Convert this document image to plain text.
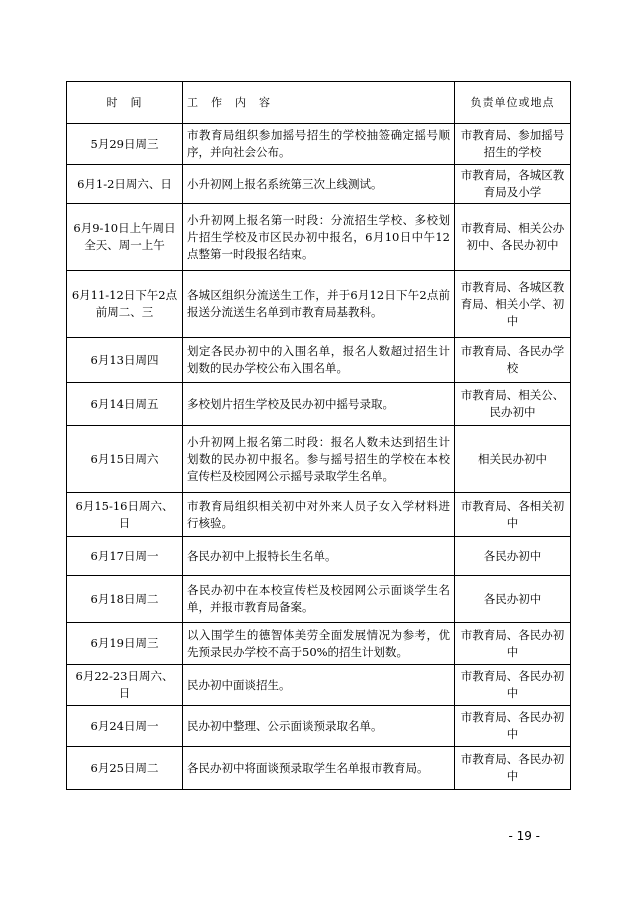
时　间	工　作　内　容	负责单位或地点
5月29日周三	市教育局组织参加摇号招生的学校抽签确定摇号顺序，并向社会公布。	市教育局、参加摇号招生的学校
6月1-2日周六、日	小升初网上报名系统第三次上线测试。	市教育局，各城区教育局及小学
6月9-10日上午周日全天、周一上午	小升初网上报名第一时段：分流招生学校、多校划片招生学校及市区民办初中报名，6月10日中午12点整第一时段报名结束。	市教育局、相关公办初中、各民办初中
6月11-12日下午2点前周二、三	各城区组织分流送生工作，并于6月12日下午2点前报送分流送生名单到市教育局基教科。	市教育局、各城区教育局、相关小学、初中
6月13日周四	划定各民办初中的入围名单，报名人数超过招生计划数的民办学校公布入围名单。	市教育局、各民办学校
6月14日周五	多校划片招生学校及民办初中摇号录取。	市教育局、相关公、民办初中
6月15日周六	小升初网上报名第二时段：报名人数未达到招生计划数的民办初中报名。参与摇号招生的学校在本校宣传栏及校园网公示摇号录取学生名单。	相关民办初中
6月15-16日周六、日	市教育局组织相关初中对外来人员子女入学材料进行核验。	市教育局、各相关初中
6月17日周一	各民办初中上报特长生名单。	各民办初中
6月18日周二	各民办初中在本校宣传栏及校园网公示面谈学生名单，并报市教育局备案。	各民办初中
6月19日周三	以入围学生的德智体美劳全面发展情况为参考，优先预录民办学校不高于50%的招生计划数。	市教育局、各民办初中
6月22-23日周六、日	民办初中面谈招生。	市教育局、各民办初中
6月24日周一	民办初中整理、公示面谈预录取名单。	市教育局、各民办初中
6月25日周二	各民办初中将面谈预录取学生名单报市教育局。	市教育局、各民办初中
- 19 -
